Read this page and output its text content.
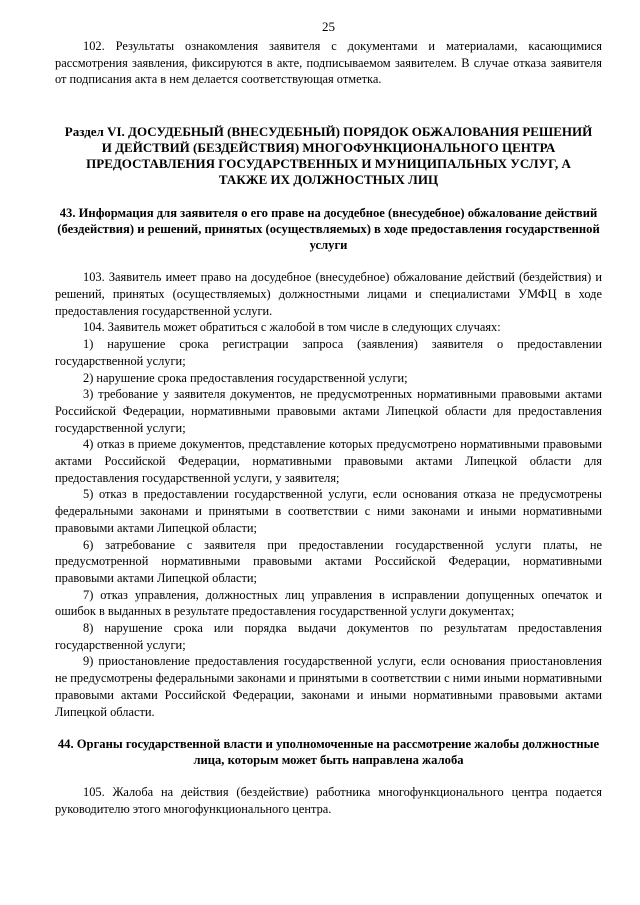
25

102. Результаты ознакомления заявителя с документами и материалами, касающимися рассмотрения заявления, фиксируются в акте, подписываемом заявителем. В случае отказа заявителя от подписания акта в нем делается соответствующая отметка.

Раздел VI. ДОСУДЕБНЫЙ (ВНЕСУДЕБНЫЙ) ПОРЯДОК ОБЖАЛОВАНИЯ РЕШЕНИЙ И ДЕЙСТВИЙ (БЕЗДЕЙСТВИЯ) МНОГОФУНКЦИОНАЛЬНОГО ЦЕНТРА ПРЕДОСТАВЛЕНИЯ ГОСУДАРСТВЕННЫХ И МУНИЦИПАЛЬНЫХ УСЛУГ, А ТАКЖЕ ИХ ДОЛЖНОСТНЫХ ЛИЦ
43. Информация для заявителя о его праве на досудебное (внесудебное) обжалование действий (бездействия) и решений, принятых (осуществляемых) в ходе предоставления государственной услуги

103. Заявитель имеет право на досудебное (внесудебное) обжалование действий (бездействия) и решений, принятых (осуществляемых) должностными лицами и специалистами УМФЦ в ходе предоставления государственной услуги.

104. Заявитель может обратиться с жалобой в том числе в следующих случаях:

1) нарушение срока регистрации запроса (заявления) заявителя о предоставлении государственной услуги;

2) нарушение срока предоставления государственной услуги;

3) требование у заявителя документов, не предусмотренных нормативными правовыми актами Российской Федерации, нормативными правовыми актами Липецкой области для предоставления государственной услуги;

4) отказ в приеме документов, представление которых предусмотрено нормативными правовыми актами Российской Федерации, нормативными правовыми актами Липецкой области для предоставления государственной услуги, у заявителя;

5) отказ в предоставлении государственной услуги, если основания отказа не предусмотрены федеральными законами и принятыми в соответствии с ними законами и иными нормативными правовыми актами Липецкой области;

6) затребование с заявителя при предоставлении государственной услуги платы, не предусмотренной нормативными правовыми актами Российской Федерации, нормативными правовыми актами Липецкой области;

7) отказ управления, должностных лиц управления в исправлении допущенных опечаток и ошибок в выданных в результате предоставления государственной услуги документах;

8) нарушение срока или порядка выдачи документов по результатам предоставления государственной услуги;

9) приостановление предоставления государственной услуги, если основания приостановления не предусмотрены федеральными законами и принятыми в соответствии с ними иными нормативными правовыми актами Российской Федерации, законами и иными нормативными правовыми актами Липецкой области.

44. Органы государственной власти и уполномоченные на рассмотрение жалобы должностные лица, которым может быть направлена жалоба

105. Жалоба на действия (бездействие) работника многофункционального центра подается руководителю этого многофункционального центра.
